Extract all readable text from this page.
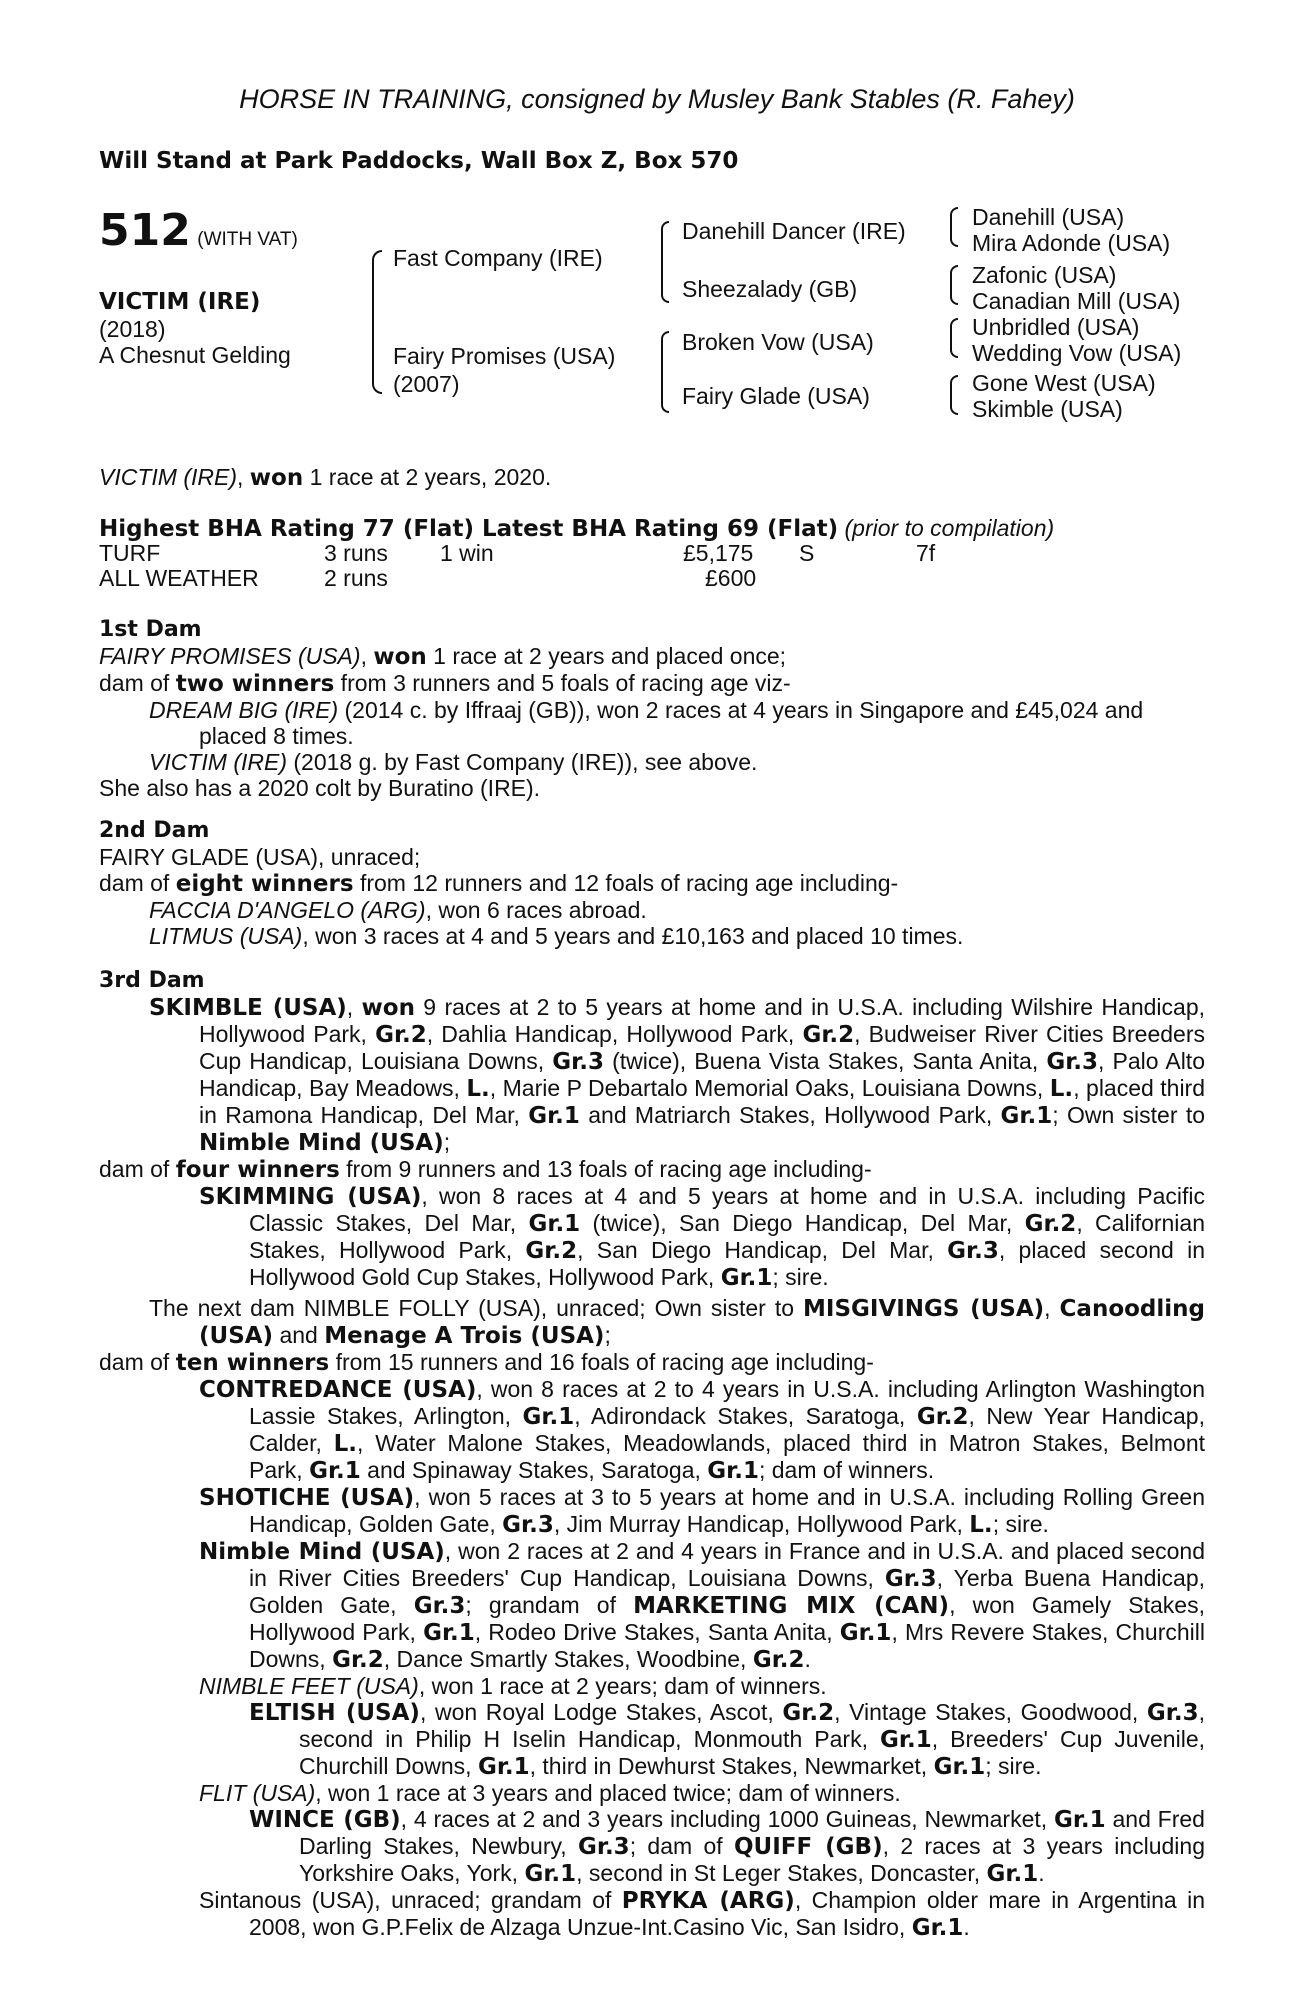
HORSE IN TRAINING, consigned by Musley Bank Stables (R. Fahey)
Will Stand at Park Paddocks, Wall Box Z, Box 570
512 (WITH VAT)
VICTIM (IRE)
(2018)
A Chesnut Gelding
Fast Company (IRE)
Fairy Promises (USA)
(2007)
Danehill Dancer (IRE)
Sheezalady (GB)
Broken Vow (USA)
Fairy Glade (USA)
Danehill (USA)
Mira Adonde (USA)
Zafonic (USA)
Canadian Mill (USA)
Unbridled (USA)
Wedding Vow (USA)
Gone West (USA)
Skimble (USA)
VICTIM (IRE), won 1 race at 2 years, 2020.
Highest BHA Rating 77 (Flat) Latest BHA Rating 69 (Flat) (prior to compilation)
TURF	3 runs 1 win	£5,175 S	7f
ALL WEATHER	2 runs	£600

1st Dam

FAIRY PROMISES (USA), won 1 race at 2 years and placed once;

dam of two winners from 3 runners and 5 foals of racing age viz-

DREAM BIG (IRE) (2014 c. by Iffraaj (GB)), won 2 races at 4 years in Singapore and £45,024 and placed 8 times.

VICTIM (IRE) (2018 g. by Fast Company (IRE)), see above.

She also has a 2020 colt by Buratino (IRE).

2nd Dam

FAIRY GLADE (USA), unraced;

dam of eight winners from 12 runners and 12 foals of racing age including-

FACCIA D'ANGELO (ARG), won 6 races abroad.

LITMUS (USA), won 3 races at 4 and 5 years and £10,163 and placed 10 times.

3rd Dam

SKIMBLE (USA), won 9 races at 2 to 5 years at home and in U.S.A. including Wilshire Handicap, Hollywood Park, Gr.2, Dahlia Handicap, Hollywood Park, Gr.2, Budweiser River Cities Breeders Cup Handicap, Louisiana Downs, Gr.3 (twice), Buena Vista Stakes, Santa Anita, Gr.3, Palo Alto Handicap, Bay Meadows, L., Marie P Debartalo Memorial Oaks, Louisiana Downs, L., placed third in Ramona Handicap, Del Mar, Gr.1 and Matriarch Stakes, Hollywood Park, Gr.1; Own sister to Nimble Mind (USA);

dam of four winners from 9 runners and 13 foals of racing age including-

SKIMMING (USA), won 8 races at 4 and 5 years at home and in U.S.A. including Pacific Classic Stakes, Del Mar, Gr.1 (twice), San Diego Handicap, Del Mar, Gr.2, Californian Stakes, Hollywood Park, Gr.2, San Diego Handicap, Del Mar, Gr.3, placed second in Hollywood Gold Cup Stakes, Hollywood Park, Gr.1; sire.

The next dam NIMBLE FOLLY (USA), unraced; Own sister to MISGIVINGS (USA), Canoodling (USA) and Menage A Trois (USA);

dam of ten winners from 15 runners and 16 foals of racing age including-

CONTREDANCE (USA), won 8 races at 2 to 4 years in U.S.A. including Arlington Washington Lassie Stakes, Arlington, Gr.1, Adirondack Stakes, Saratoga, Gr.2, New Year Handicap, Calder, L., Water Malone Stakes, Meadowlands, placed third in Matron Stakes, Belmont Park, Gr.1 and Spinaway Stakes, Saratoga, Gr.1; dam of winners.

SHOTICHE (USA), won 5 races at 3 to 5 years at home and in U.S.A. including Rolling Green Handicap, Golden Gate, Gr.3, Jim Murray Handicap, Hollywood Park, L.; sire.

Nimble Mind (USA), won 2 races at 2 and 4 years in France and in U.S.A. and placed second in River Cities Breeders' Cup Handicap, Louisiana Downs, Gr.3, Yerba Buena Handicap, Golden Gate, Gr.3; grandam of MARKETING MIX (CAN), won Gamely Stakes, Hollywood Park, Gr.1, Rodeo Drive Stakes, Santa Anita, Gr.1, Mrs Revere Stakes, Churchill Downs, Gr.2, Dance Smartly Stakes, Woodbine, Gr.2.

NIMBLE FEET (USA), won 1 race at 2 years; dam of winners.

ELTISH (USA), won Royal Lodge Stakes, Ascot, Gr.2, Vintage Stakes, Goodwood, Gr.3, second in Philip H Iselin Handicap, Monmouth Park, Gr.1, Breeders' Cup Juvenile, Churchill Downs, Gr.1, third in Dewhurst Stakes, Newmarket, Gr.1; sire.

FLIT (USA), won 1 race at 3 years and placed twice; dam of winners.

WINCE (GB), 4 races at 2 and 3 years including 1000 Guineas, Newmarket, Gr.1 and Fred Darling Stakes, Newbury, Gr.3; dam of QUIFF (GB), 2 races at 3 years including Yorkshire Oaks, York, Gr.1, second in St Leger Stakes, Doncaster, Gr.1.

Sintanous (USA), unraced; grandam of PRYKA (ARG), Champion older mare in Argentina in 2008, won G.P.Felix de Alzaga Unzue-Int.Casino Vic, San Isidro, Gr.1.
